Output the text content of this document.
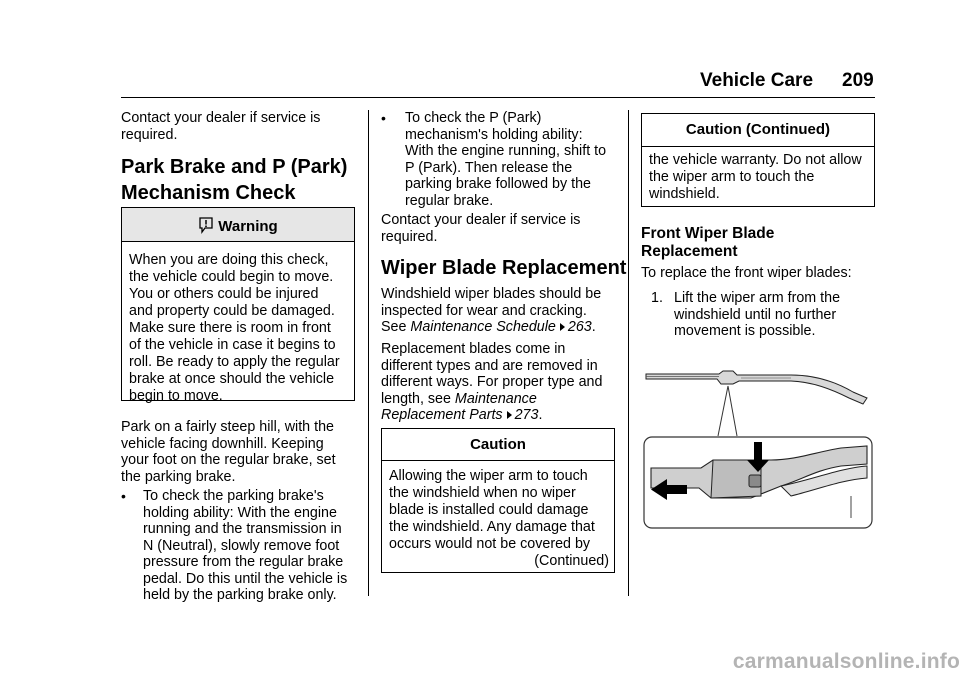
Vehicle Care 209
Contact your dealer if service is
required.
Park Brake and P (Park)
Mechanism Check
Warning
When you are doing this check,
the vehicle could begin to move.
You or others could be injured
and property could be damaged.
Make sure there is room in front
of the vehicle in case it begins to
roll. Be ready to apply the regular
brake at once should the vehicle
begin to move.
Park on a fairly steep hill, with the
vehicle facing downhill. Keeping
your foot on the regular brake, set
the parking brake.
• To check the parking brake's
holding ability: With the engine
running and the transmission in
N (Neutral), slowly remove foot
pressure from the regular brake
pedal. Do this until the vehicle is
held by the parking brake only.
• To check the P (Park)
mechanism's holding ability:
With the engine running, shift to
P (Park). Then release the
parking brake followed by the
regular brake.
Contact your dealer if service is
required.
Wiper Blade Replacement
Windshield wiper blades should be
inspected for wear and cracking.
See Maintenance Schedule 263.
Replacement blades come in
different types and are removed in
different ways. For proper type and
length, see Maintenance
Replacement Parts 273.
Caution
Allowing the wiper arm to touch
the windshield when no wiper
blade is installed could damage
the windshield. Any damage that
occurs would not be covered by
(Continued)
Caution (Continued)
the vehicle warranty. Do not allow
the wiper arm to touch the
windshield.
Front Wiper Blade
Replacement
To replace the front wiper blades:
1. Lift the wiper arm from the
windshield until no further
movement is possible.
carmanualsonline.info
